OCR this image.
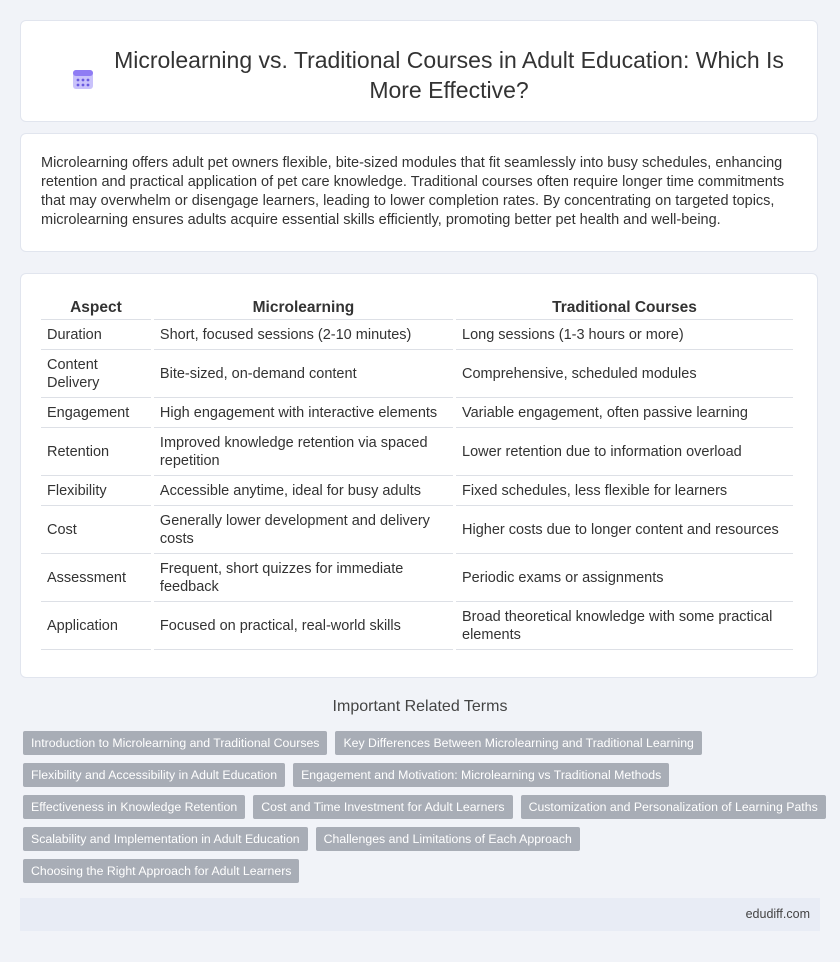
Microlearning vs. Traditional Courses in Adult Education: Which Is More Effective?

Microlearning offers adult pet owners flexible, bite-sized modules that fit seamlessly into busy schedules, enhancing retention and practical application of pet care knowledge. Traditional courses often require longer time commitments that may overwhelm or disengage learners, leading to lower completion rates. By concentrating on targeted topics, microlearning ensures adults acquire essential skills efficiently, promoting better pet health and well-being.

Aspect	Microlearning	Traditional Courses
Duration	Short, focused sessions (2-10 minutes)	Long sessions (1-3 hours or more)
Content Delivery	Bite-sized, on-demand content	Comprehensive, scheduled modules
Engagement	High engagement with interactive elements	Variable engagement, often passive learning
Retention	Improved knowledge retention via spaced repetition	Lower retention due to information overload
Flexibility	Accessible anytime, ideal for busy adults	Fixed schedules, less flexible for learners
Cost	Generally lower development and delivery costs	Higher costs due to longer content and resources
Assessment	Frequent, short quizzes for immediate feedback	Periodic exams or assignments
Application	Focused on practical, real-world skills	Broad theoretical knowledge with some practical elements
Important Related Terms
Introduction to Microlearning and Traditional Courses	Key Differences Between Microlearning and Traditional Learning
Flexibility and Accessibility in Adult Education	Engagement and Motivation: Microlearning vs Traditional Methods
Effectiveness in Knowledge Retention	Cost and Time Investment for Adult Learners	Customization and Personalization of Learning Paths
Scalability and Implementation in Adult Education	Challenges and Limitations of Each Approach
Choosing the Right Approach for Adult Learners
edudiff.com
